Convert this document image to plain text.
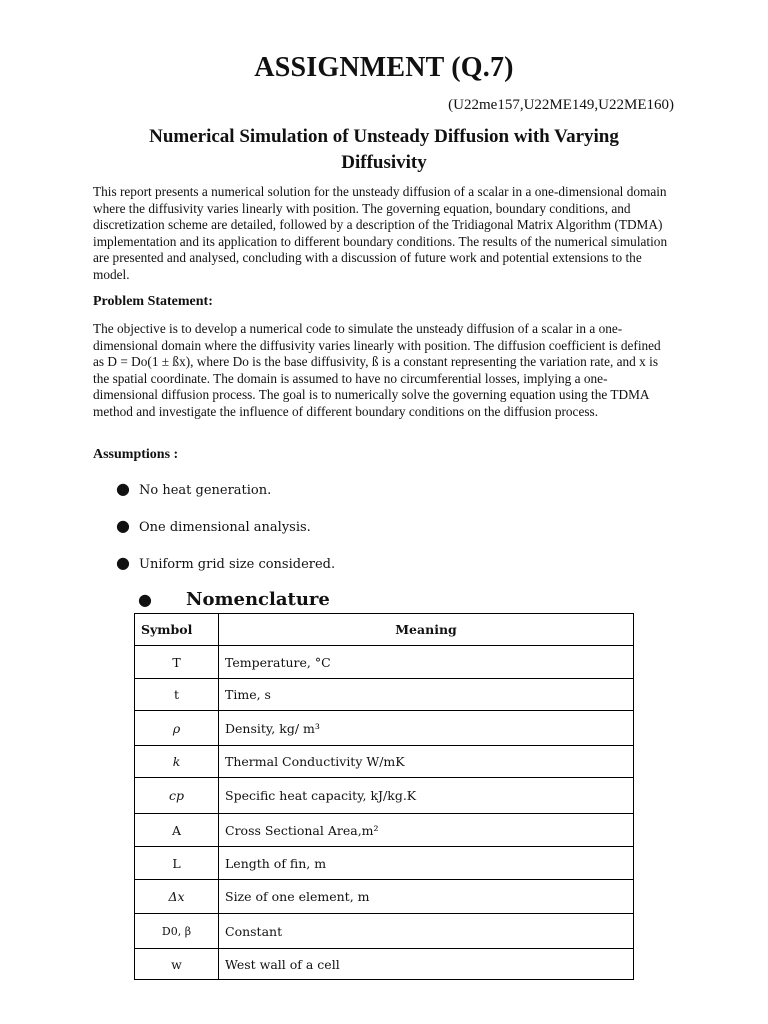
ASSIGNMENT (Q.7)
(U22me157,U22ME149,U22ME160)
Numerical Simulation of Unsteady Diffusion with Varying Diffusivity
This report presents a numerical solution for the unsteady diffusion of a scalar in a one-dimensional domain where the diffusivity varies linearly with position. The governing equation, boundary conditions, and discretization scheme are detailed, followed by a description of the Tridiagonal Matrix Algorithm (TDMA) implementation and its application to different boundary conditions. The results of the numerical simulation are presented and analysed, concluding with a discussion of future work and potential extensions to the model.
Problem Statement:
The objective is to develop a numerical code to simulate the unsteady diffusion of a scalar in a one-dimensional domain where the diffusivity varies linearly with position. The diffusion coefficient is defined as D = Do(1 ± ßx), where Do is the base diffusivity, ß is a constant representing the variation rate, and x is the spatial coordinate. The domain is assumed to have no circumferential losses, implying a one-dimensional diffusion process. The goal is to numerically solve the governing equation using the TDMA method and investigate the influence of different boundary conditions on the diffusion process.
Assumptions :
● No heat generation.
● One dimensional analysis.
● Uniform grid size considered.
● Nomenclature
Symbol	Meaning
T	Temperature, °C
t	Time, s
ρ	Density, kg/ m³
k	Thermal Conductivity W/mK
cp	Specific heat capacity, kJ/kg.K
A	Cross Sectional Area,m²
L	Length of fin, m
Δx	Size of one element, m
D0, β	Constant
w	West wall of a cell
